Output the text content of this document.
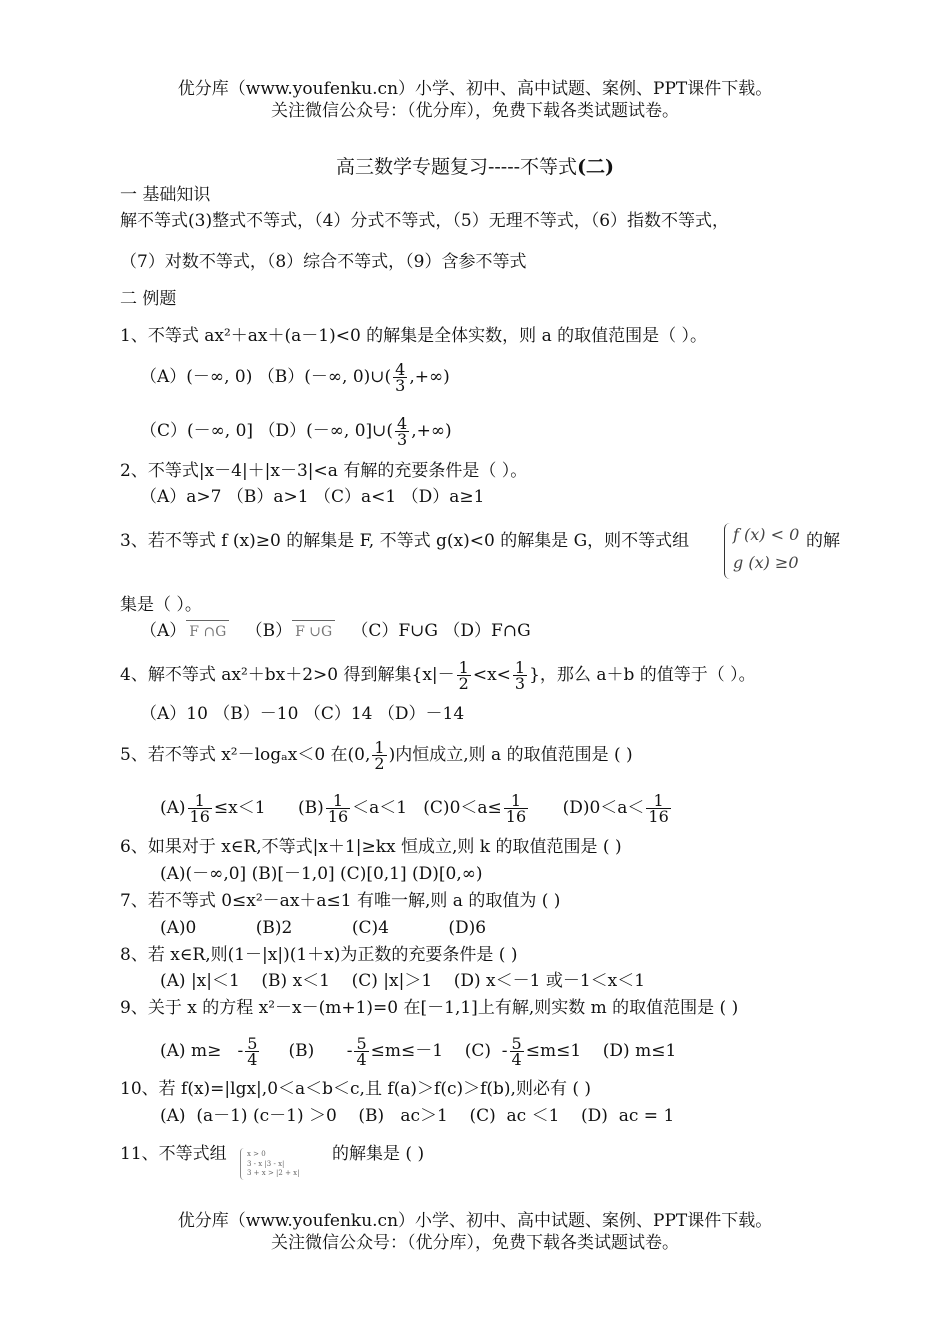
优分库（www.youfenku.cn）小学、初中、高中试题、案例、PPT课件下载。
关注微信公众号：（优分库），免费下载各类试题试卷。
高三数学专题复习-----不等式(二)
一 基础知识
解不等式(3)整式不等式，（4）分式不等式，（5）无理不等式，（6）指数不等式，
（7）对数不等式，（8）综合不等式，（9）含参不等式
二 例题
1、不等式 ax²＋ax＋(a－1)<0 的解集是全体实数，则 a 的取值范围是（ ）。
（A）(－∞, 0) （B）(－∞, 0)∪( $\frac{4}{3}$ ,+∞)
（C）(－∞, 0] （D）(－∞, 0]∪( $\frac{4}{3}$ ,+∞)
2、不等式|x－4|＋|x－3|<a 有解的充要条件是（ ）。
（A）a>7 （B）a>1 （C）a<1 （D）a≥1
3、若不等式 f (x)≥0 的解集是 F, 不等式 g(x)<0 的解集是 G，则不等式组	f (x) < 0
g (x) ≥0
的解
集是（ ）。
（A） F ∩G （B） F ∪G （C）F∪G （D）F∩G
4、解不等式 ax²＋bx＋2>0 得到解集{$x|- \frac{1}{2} <x< \frac{1}{3}$ }，那么 a＋b 的值等于（ ）。
（A）10 （B）－10 （C）14 （D）－14
5、若不等式 x²－logₐx＜0 在(0, $\frac{1}{2}$ )内恒成立,则 a 的取值范围是 ( )
$(A) \frac{1}{16} \le x<1$ $(B) \frac{1}{16} <a<1$ $(C)0<a\le \frac{1}{16} (D)0<a< \frac{1}{16}$
6、如果对于 x∈R,不等式|x＋1|≥kx 恒成立,则 k 的取值范围是 ( )
(A)(－∞,0] (B)[－1,0] (C)[0,1] (D)[0,∞)
7、若不等式 0≤x²－ax＋a≤1 有唯一解,则 a 的取值为 ( )
(A)0           (B)2           (C)4           (D)6
8、若 x∈R,则(1－|x|)(1＋x)为正数的充要条件是 ( )
(A) |x|＜1    (B) x＜1    (C) |x|＞1    (D) x＜－1 或－1＜x＜1
9、关于 x 的方程 x²－x－(m+1)=0 在[－1,1]上有解,则实数 m 的取值范围是 ( )
(A) $m\ge - \frac{5}{4} (B) - \frac{5}{4} \le m\le-1$ $(C) - \frac{5}{4} \le m\le 1$ (D) m≤1
10、若 f(x)=|lgx|,0＜a＜b＜c,且 f(a)＞f(c)＞f(b),则必有 ( )
(A)  (a－1) (c－1) ＞0    (B)   ac＞1    (C)  ac ＜1    (D)  ac = 1
11、不等式组	x > 0
3 - x |3 - x|
3 + x > |2 + x|
的解集是 ( )
优分库（www.youfenku.cn）小学、初中、高中试题、案例、PPT课件下载。
关注微信公众号：（优分库），免费下载各类试题试卷。
